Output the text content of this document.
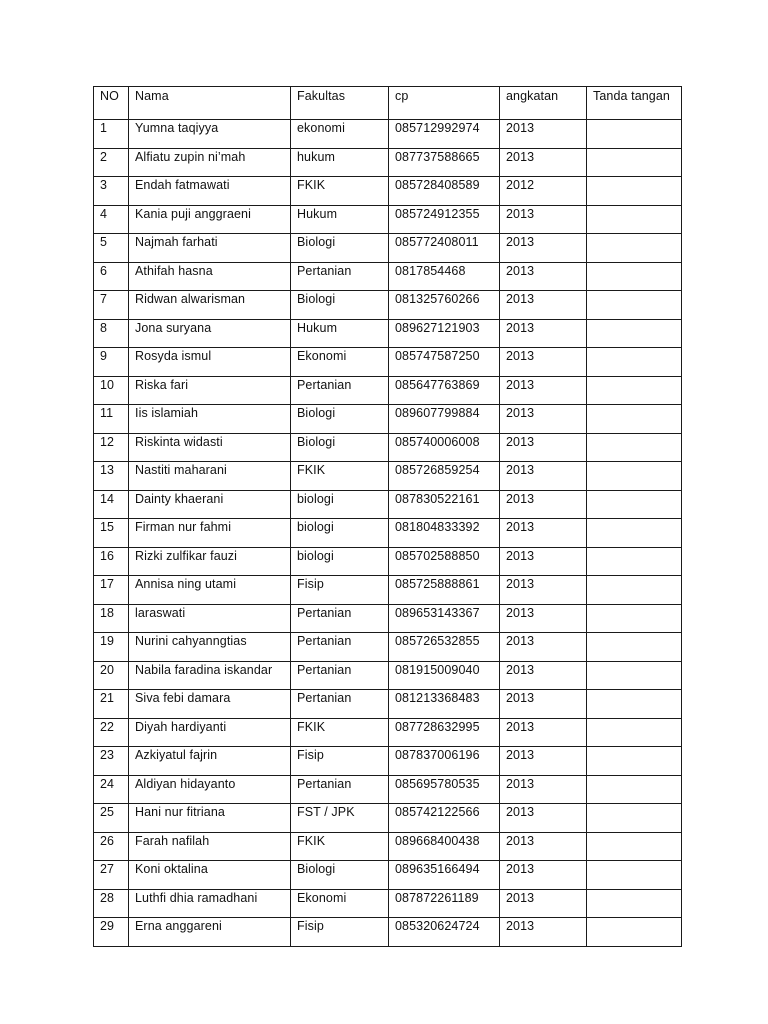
NO	Nama	Fakultas	cp	angkatan	Tanda tangan
1	Yumna taqiyya	ekonomi	085712992974	2013	
2	Alfiatu zupin ni’mah	hukum	087737588665	2013	
3	Endah fatmawati	FKIK	085728408589	2012	
4	Kania puji anggraeni	Hukum	085724912355	2013	
5	Najmah farhati	Biologi	085772408011	2013	
6	Athifah hasna	Pertanian	0817854468	2013	
7	Ridwan alwarisman	Biologi	081325760266	2013	
8	Jona suryana	Hukum	089627121903	2013	
9	Rosyda ismul	Ekonomi	085747587250	2013	
10	Riska fari	Pertanian	085647763869	2013	
11	Iis islamiah	Biologi	089607799884	2013	
12	Riskinta widasti	Biologi	085740006008	2013	
13	Nastiti maharani	FKIK	085726859254	2013	
14	Dainty khaerani	biologi	087830522161	2013	
15	Firman nur fahmi	biologi	081804833392	2013	
16	Rizki zulfikar fauzi	biologi	085702588850	2013	
17	Annisa ning utami	Fisip	085725888861	2013	
18	laraswati	Pertanian	089653143367	2013	
19	Nurini cahyanngtias	Pertanian	085726532855	2013	
20	Nabila faradina iskandar	Pertanian	081915009040	2013	
21	Siva febi damara	Pertanian	081213368483	2013	
22	Diyah hardiyanti	FKIK	087728632995	2013	
23	Azkiyatul fajrin	Fisip	087837006196	2013	
24	Aldiyan hidayanto	Pertanian	085695780535	2013	
25	Hani nur fitriana	FST / JPK	085742122566	2013	
26	Farah nafilah	FKIK	089668400438	2013	
27	Koni oktalina	Biologi	089635166494	2013	
28	Luthfi dhia ramadhani	Ekonomi	087872261189	2013	
29	Erna anggareni	Fisip	085320624724	2013	
